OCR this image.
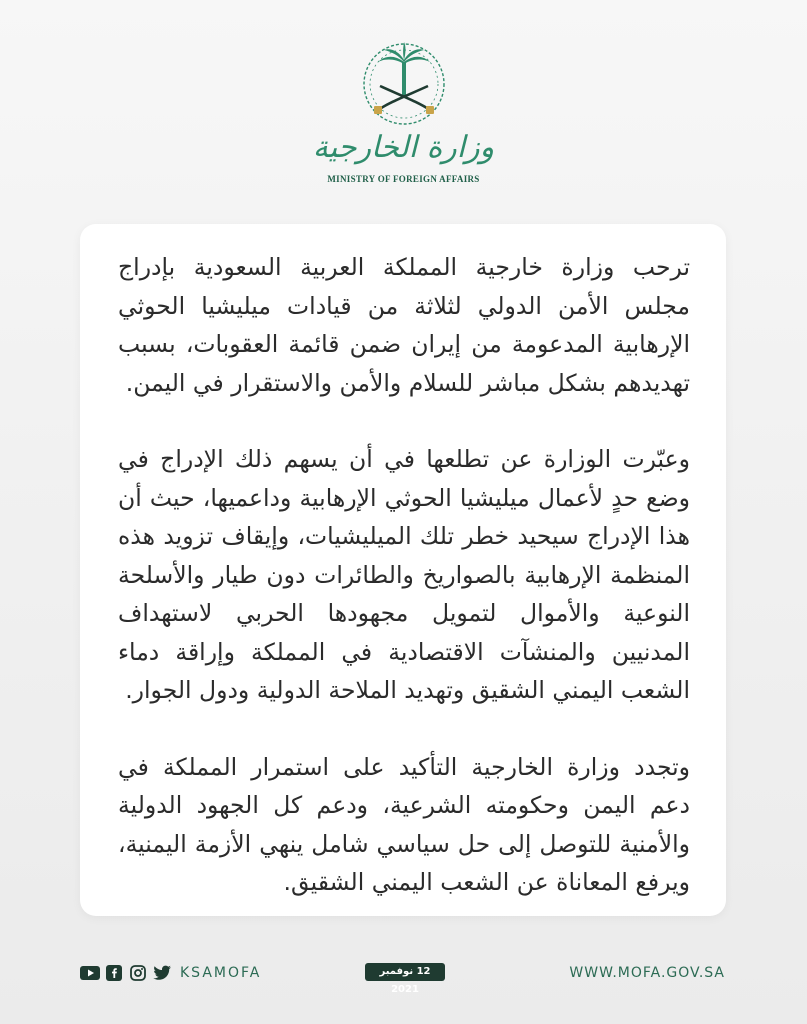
وزارة الخارجية
MINISTRY OF FOREIGN AFFAIRS

ترحب وزارة خارجية المملكة العربية السعودية بإدراج مجلس الأمن الدولي لثلاثة من قيادات ميليشيا الحوثي الإرهابية المدعومة من إيران ضمن قائمة العقوبات، بسبب تهديدهم بشكل مباشر للسلام والأمن والاستقرار في اليمن.

وعبّرت الوزارة عن تطلعها في أن يسهم ذلك الإدراج في وضع حدٍ لأعمال ميليشيا الحوثي الإرهابية وداعميها، حيث أن هذا الإدراج سيحيد خطر تلك الميليشيات، وإيقاف تزويد هذه المنظمة الإرهابية بالصواريخ والطائرات دون طيار والأسلحة النوعية والأموال لتمويل مجهودها الحربي لاستهداف المدنيين والمنشآت الاقتصادية في المملكة وإراقة دماء الشعب اليمني الشقيق وتهديد الملاحة الدولية ودول الجوار.

وتجدد وزارة الخارجية التأكيد على استمرار المملكة في دعم اليمن وحكومته الشرعية، ودعم كل الجهود الدولية والأمنية للتوصل إلى حل سياسي شامل ينهي الأزمة اليمنية، ويرفع المعاناة عن الشعب اليمني الشقيق.

KSAMOFA	12 نوفمبر 2021
WWW.MOFA.GOV.SA
